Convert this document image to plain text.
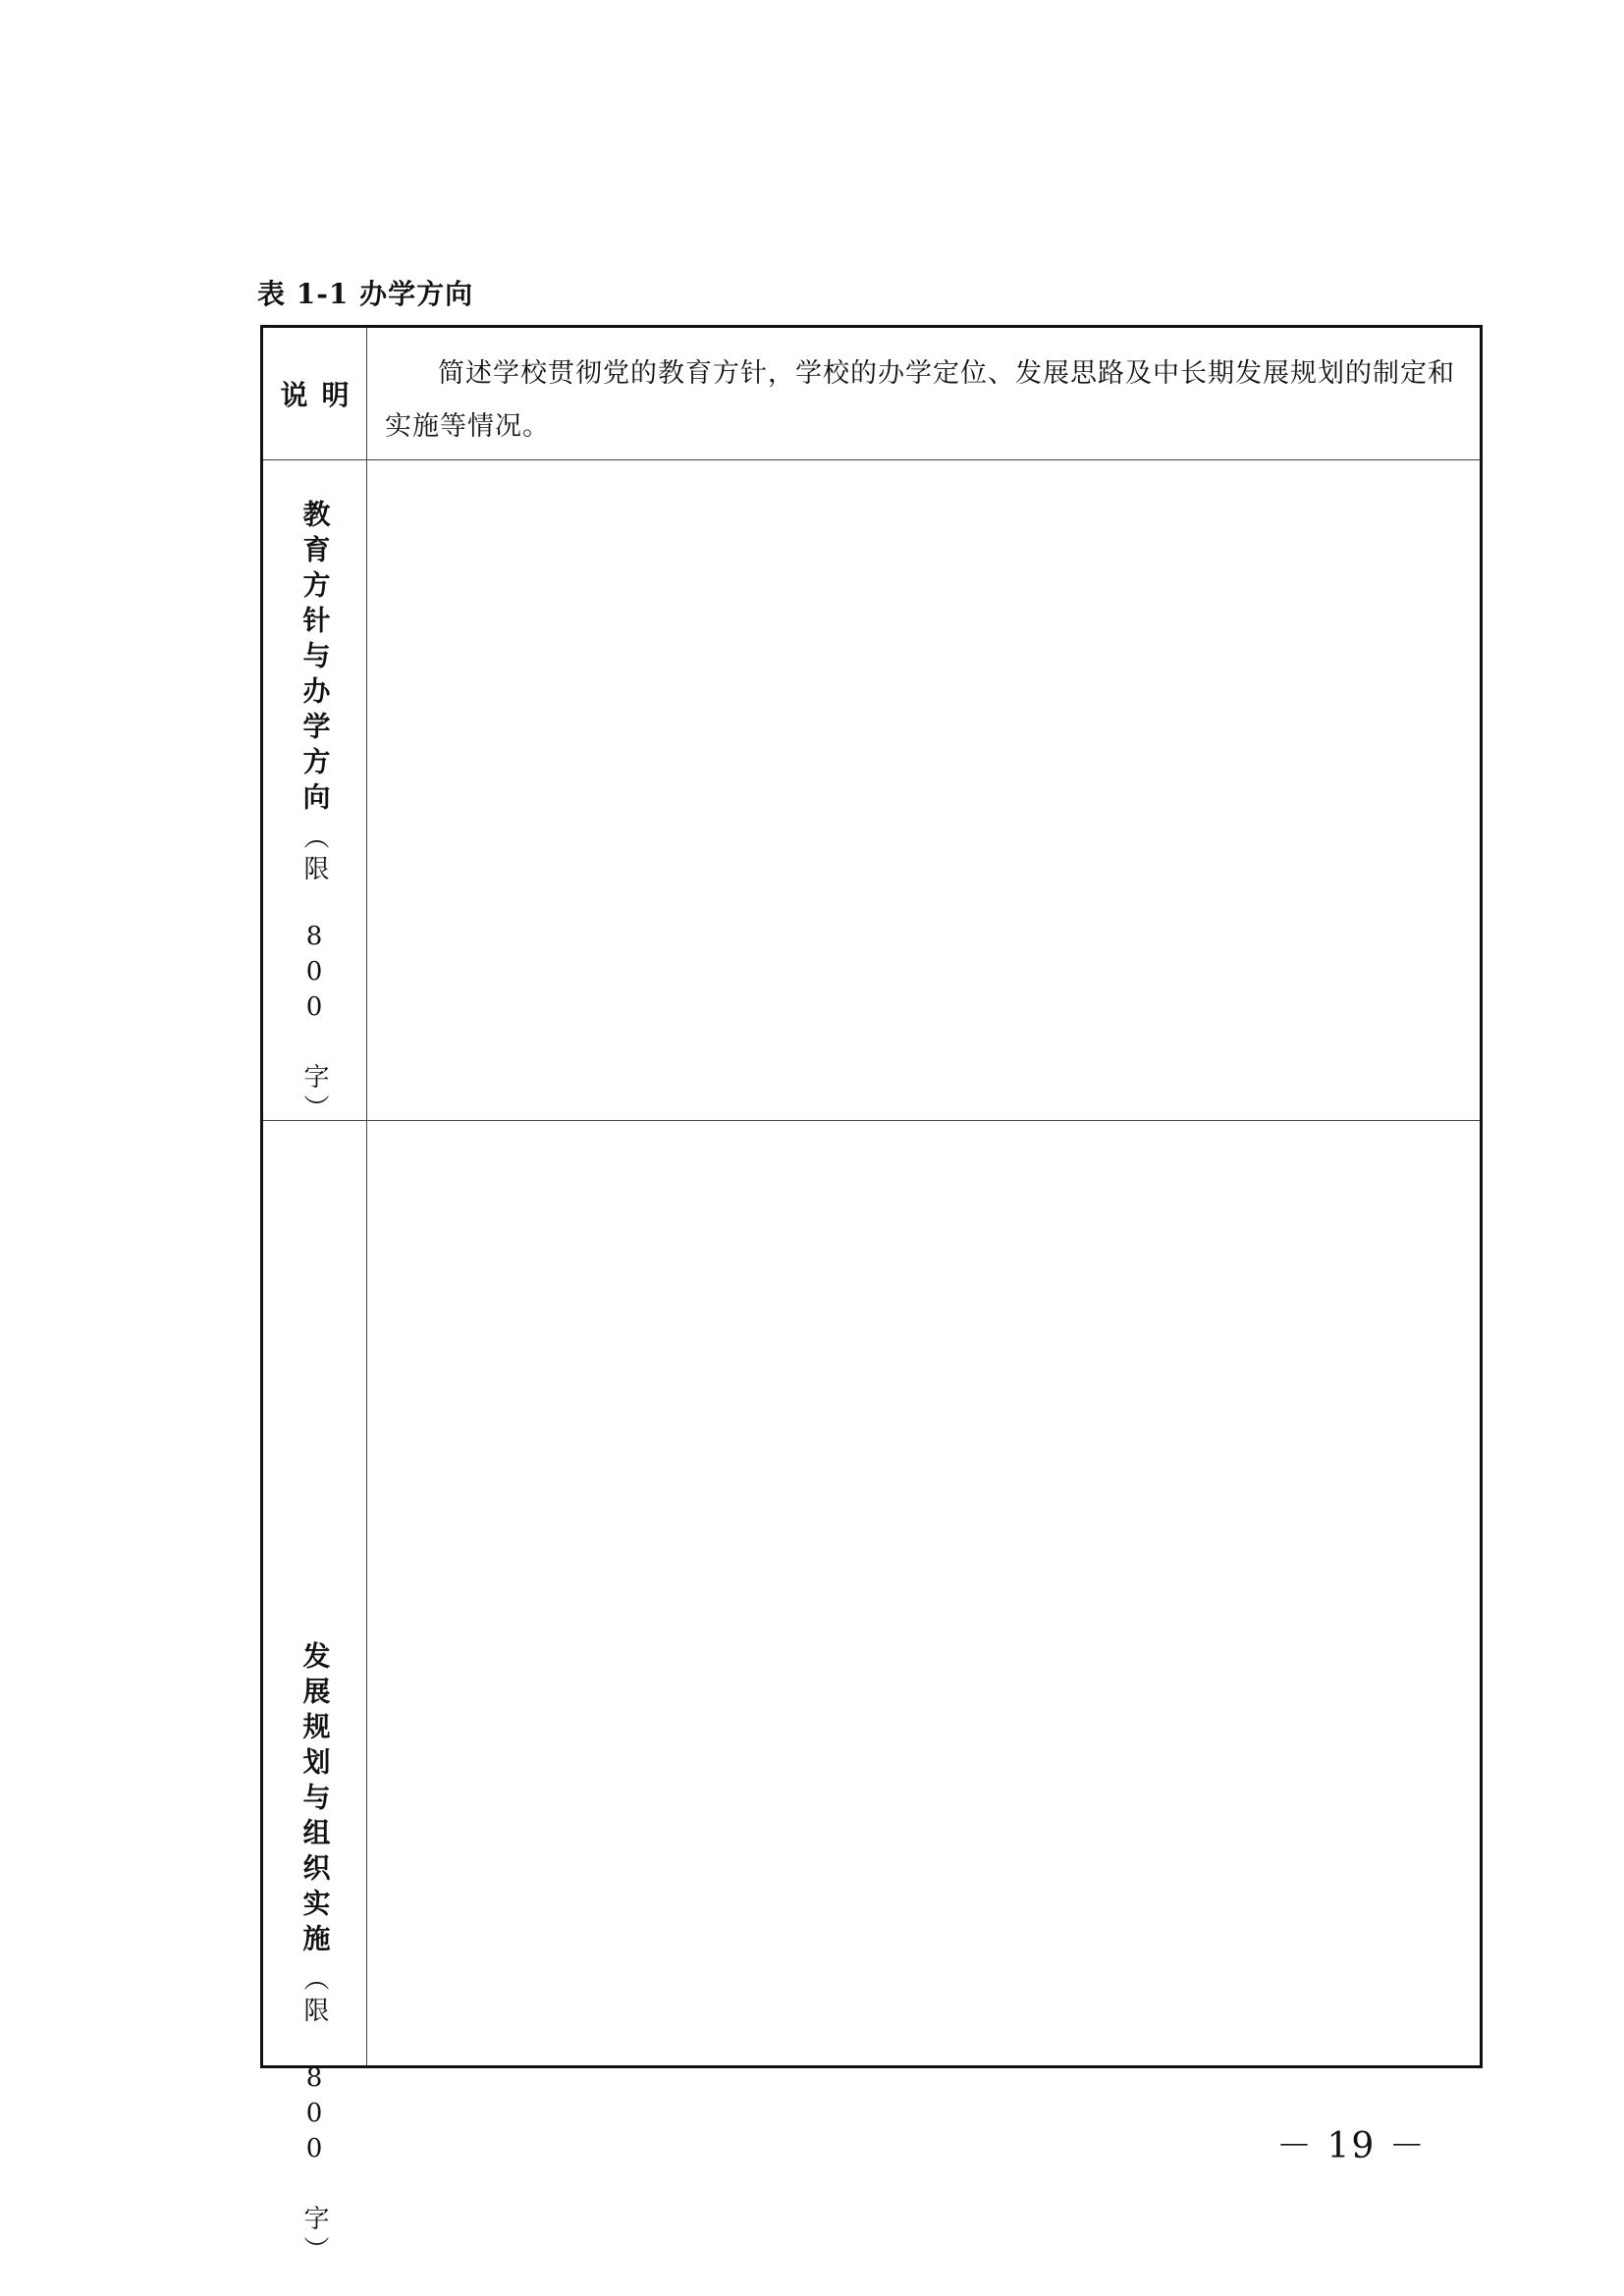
表 1-1 办学方向
说明

简述学校贯彻党的教育方针，学校的办学定位、发展思路及中长期发展规划的制定和实施等情况。

教育方针与办学方向
（限 800 字）
发展规划与组织实施
（限 800 字）	－ 19 －
